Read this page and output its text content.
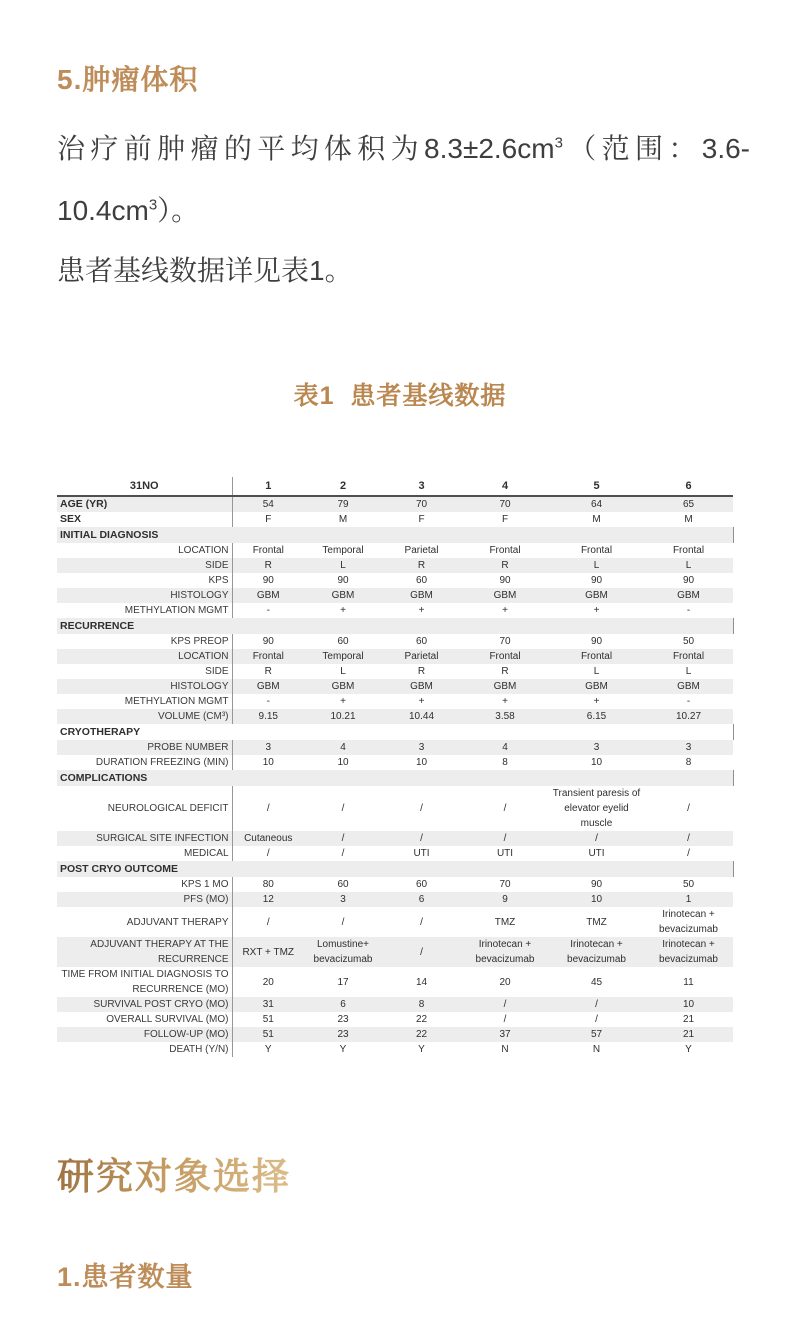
5.肿瘤体积

治疗前肿瘤的平均体积为$8.3\pm 2.6cm^3$（范围：$3.6-10.4cm^3$）。

患者基线数据详见表1。

表1  患者基线数据
31NO	1	2	3	4	5	6
AGE (YR)	54	79	70	70	64	65
SEX	F	M	F	F	M	M
INITIAL DIAGNOSIS						
LOCATION	Frontal	Temporal	Parietal	Frontal	Frontal	Frontal
SIDE	R	L	R	R	L	L
KPS	90	90	60	90	90	90
HISTOLOGY	GBM	GBM	GBM	GBM	GBM	GBM
METHYLATION MGMT	-	+	+	+	+	-
RECURRENCE						
KPS PREOP	90	60	60	70	90	50
LOCATION	Frontal	Temporal	Parietal	Frontal	Frontal	Frontal
SIDE	R	L	R	R	L	L
HISTOLOGY	GBM	GBM	GBM	GBM	GBM	GBM
METHYLATION MGMT	-	+	+	+	+	-
VOLUME (CM³)	9.15	10.21	10.44	3.58	6.15	10.27
CRYOTHERAPY						
PROBE NUMBER	3	4	3	4	3	3
DURATION FREEZING (MIN)	10	10	10	8	10	8
COMPLICATIONS						
NEUROLOGICAL DEFICIT	/	/	/	/	Transient paresis of elevator eyelid muscle	/
SURGICAL SITE INFECTION	Cutaneous	/	/	/	/	/
MEDICAL	/	/	UTI	UTI	UTI	/
POST CRYO OUTCOME						
KPS 1 MO	80	60	60	70	90	50
PFS (MO)	12	3	6	9	10	1
ADJUVANT THERAPY	/	/	/	TMZ	TMZ	Irinotecan + bevacizumab
ADJUVANT THERAPY AT THE RECURRENCE	RXT + TMZ	Lomustine+ bevacizumab	/	Irinotecan + bevacizumab	Irinotecan + bevacizumab	Irinotecan + bevacizumab
TIME FROM INITIAL DIAGNOSIS TO RECURRENCE (MO)	20	17	14	20	45	11
SURVIVAL POST CRYO (MO)	31	6	8	/	/	10
OVERALL SURVIVAL (MO)	51	23	22	/	/	21
FOLLOW-UP (MO)	51	23	22	37	57	21
DEATH (Y/N)	Y	Y	Y	N	N	Y
研究对象选择
1.患者数量
